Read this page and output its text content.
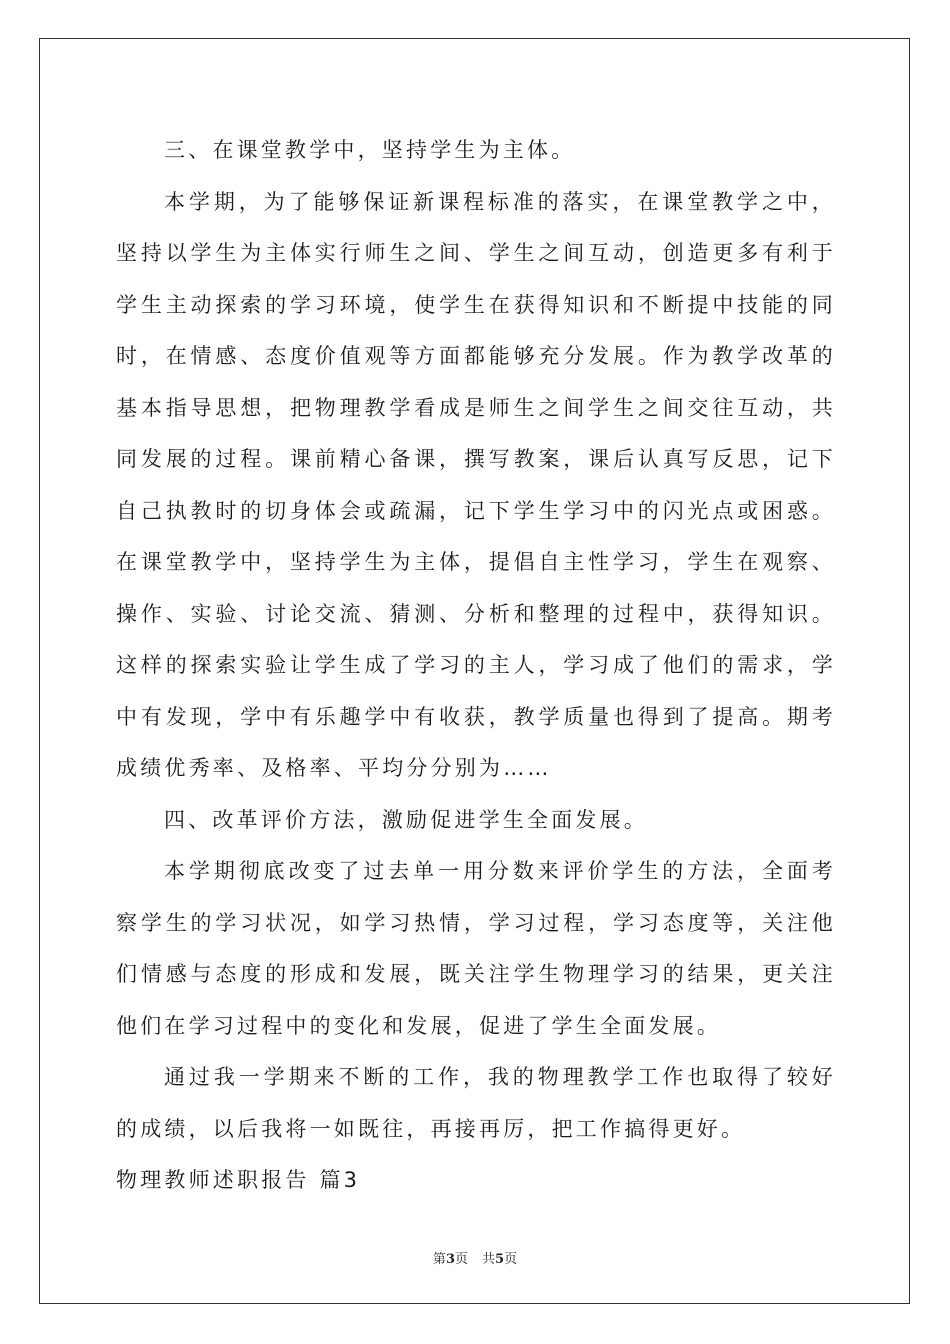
三、在课堂教学中，坚持学生为主体。

本学期，为了能够保证新课程标准的落实，在课堂教学之中，坚持以学生为主体实行师生之间、学生之间互动，创造更多有利于学生主动探索的学习环境，使学生在获得知识和不断提中技能的同时，在情感、态度价值观等方面都能够充分发展。作为教学改革的基本指导思想，把物理教学看成是师生之间学生之间交往互动，共同发展的过程。课前精心备课，撰写教案，课后认真写反思，记下自己执教时的切身体会或疏漏，记下学生学习中的闪光点或困惑。在课堂教学中，坚持学生为主体，提倡自主性学习，学生在观察、操作、实验、讨论交流、猜测、分析和整理的过程中，获得知识。这样的探索实验让学生成了学习的主人，学习成了他们的需求，学中有发现，学中有乐趣学中有收获，教学质量也得到了提高。期考成绩优秀率、及格率、平均分分别为……

四、改革评价方法，激励促进学生全面发展。

本学期彻底改变了过去单一用分数来评价学生的方法，全面考察学生的学习状况，如学习热情，学习过程，学习态度等，关注他们情感与态度的形成和发展，既关注学生物理学习的结果，更关注他们在学习过程中的变化和发展，促进了学生全面发展。

通过我一学期来不断的工作，我的物理教学工作也取得了较好的成绩，以后我将一如既往，再接再厉，把工作搞得更好。

物理教师述职报告 篇3

第3页 共5页
